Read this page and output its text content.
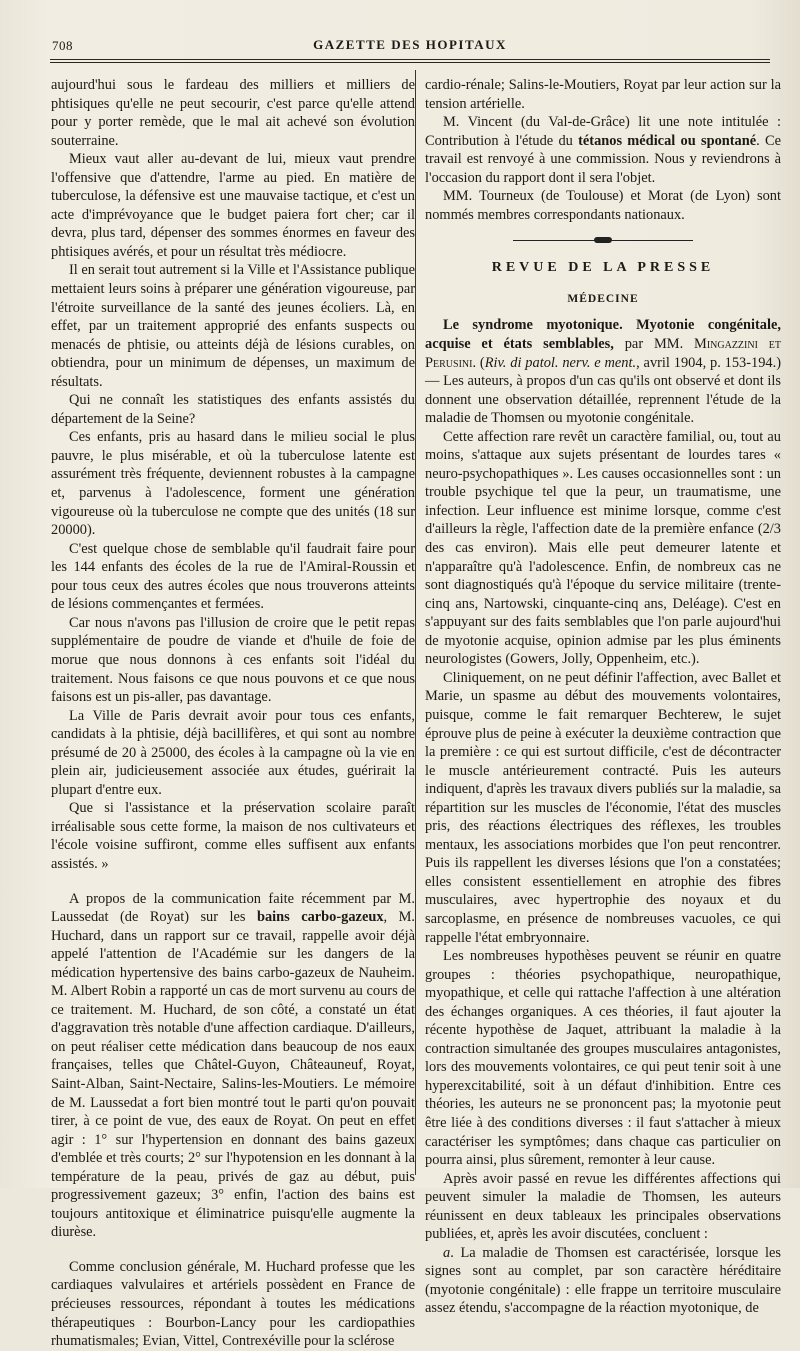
708	GAZETTE DES HOPITAUX

aujourd'hui sous le fardeau des milliers et milliers de phtisiques qu'elle ne peut secourir, c'est parce qu'elle attend pour y porter remède, que le mal ait achevé son évolution souterraine.

Mieux vaut aller au-devant de lui, mieux vaut prendre l'offensive que d'attendre, l'arme au pied. En matière de tuberculose, la défensive est une mauvaise tactique, et c'est un acte d'imprévoyance que le budget paiera fort cher; car il devra, plus tard, dépenser des sommes énormes en faveur des phtisiques avérés, et pour un résultat très médiocre.

Il en serait tout autrement si la Ville et l'Assistance publique mettaient leurs soins à préparer une génération vigoureuse, par l'étroite surveillance de la santé des jeunes écoliers. Là, en effet, par un traitement approprié des enfants suspects ou menacés de phtisie, ou atteints déjà de lésions curables, on obtiendra, pour un minimum de dépenses, un maximum de résultats.

Qui ne connaît les statistiques des enfants assistés du département de la Seine?

Ces enfants, pris au hasard dans le milieu social le plus pauvre, le plus misérable, et où la tuberculose latente est assurément très fréquente, deviennent robustes à la campagne et, parvenus à l'adolescence, forment une génération vigoureuse où la tuberculose ne compte que des unités (18 sur 20000).

C'est quelque chose de semblable qu'il faudrait faire pour les 144 enfants des écoles de la rue de l'Amiral-Roussin et pour tous ceux des autres écoles que nous trouverons atteints de lésions commençantes et fermées.

Car nous n'avons pas l'illusion de croire que le petit repas supplémentaire de poudre de viande et d'huile de foie de morue que nous donnons à ces enfants soit l'idéal du traitement. Nous faisons ce que nous pouvons et ce que nous faisons est un pis-aller, pas davantage.

La Ville de Paris devrait avoir pour tous ces enfants, candidats à la phtisie, déjà bacillifères, et qui sont au nombre présumé de 20 à 25000, des écoles à la campagne où la vie en plein air, judicieusement associée aux études, guérirait la plupart d'entre eux.

Que si l'assistance et la préservation scolaire paraît irréalisable sous cette forme, la maison de nos cultivateurs et l'école voisine suffiront, comme elles suffisent aux enfants assistés. »

A propos de la communication faite récemment par M. Laussedat (de Royat) sur les bains carbo-gazeux, M. Huchard, dans un rapport sur ce travail, rappelle avoir déjà appelé l'attention de l'Académie sur les dangers de la médication hypertensive des bains carbo-gazeux de Nauheim. M. Albert Robin a rapporté un cas de mort survenu au cours de ce traitement. M. Huchard, de son côté, a constaté un état d'aggravation très notable d'une affection cardiaque. D'ailleurs, on peut réaliser cette médication dans beaucoup de nos eaux françaises, telles que Châtel-Guyon, Châteauneuf, Royat, Saint-Alban, Saint-Nectaire, Salins-les-Moutiers. Le mémoire de M. Laussedat a fort bien montré tout le parti qu'on pouvait tirer, à ce point de vue, des eaux de Royat. On peut en effet agir : 1° sur l'hypertension en donnant des bains gazeux d'emblée et très courts; 2° sur l'hypotension en les donnant à la température de la peau, privés de gaz au début, puis progressivement gazeux; 3° enfin, l'action des bains est toujours antitoxique et éliminatrice puisqu'elle augmente la diurèse.

Comme conclusion générale, M. Huchard professe que les cardiaques valvulaires et artériels possèdent en France de précieuses ressources, répondant à toutes les médications thérapeutiques : Bourbon-Lancy pour les cardiopathies rhumatismales; Evian, Vittel, Contrexéville pour la sclérose

cardio-rénale; Salins-le-Moutiers, Royat par leur action sur la tension artérielle.

M. Vincent (du Val-de-Grâce) lit une note intitulée : Contribution à l'étude du tétanos médical ou spontané. Ce travail est renvoyé à une commission. Nous y reviendrons à l'occasion du rapport dont il sera l'objet.

MM. Tourneux (de Toulouse) et Morat (de Lyon) sont nommés membres correspondants nationaux.

REVUE DE LA PRESSE
MÉDECINE

Le syndrome myotonique. Myotonie congénitale, acquise et états semblables, par MM. Mingazzini et Perusini. (Riv. di patol. nerv. e ment., avril 1904, p. 153-194.) — Les auteurs, à propos d'un cas qu'ils ont observé et dont ils donnent une observation détaillée, reprennent l'étude de la maladie de Thomsen ou myotonie congénitale.

Cette affection rare revêt un caractère familial, ou, tout au moins, s'attaque aux sujets présentant de lourdes tares « neuro-psychopathiques ». Les causes occasionnelles sont : un trouble psychique tel que la peur, un traumatisme, une infection. Leur influence est minime lorsque, comme c'est d'ailleurs la règle, l'affection date de la première enfance (2/3 des cas environ). Mais elle peut demeurer latente et n'apparaître qu'à l'adolescence. Enfin, de nombreux cas ne sont diagnostiqués qu'à l'époque du service militaire (trente-cinq ans, Nartowski, cinquante-cinq ans, Deléage). C'est en s'appuyant sur des faits semblables que l'on parle aujourd'hui de myotonie acquise, opinion admise par les plus éminents neurologistes (Gowers, Jolly, Oppenheim, etc.).

Cliniquement, on ne peut définir l'affection, avec Ballet et Marie, un spasme au début des mouvements volontaires, puisque, comme le fait remarquer Bechterew, le sujet éprouve plus de peine à exécuter la deuxième contraction que la première : ce qui est surtout difficile, c'est de décontracter le muscle antérieurement contracté. Puis les auteurs indiquent, d'après les travaux divers publiés sur la maladie, sa répartition sur les muscles de l'économie, l'état des muscles pris, des réactions électriques des réflexes, les troubles mentaux, les associations morbides que l'on peut rencontrer. Puis ils rappellent les diverses lésions que l'on a constatées; elles consistent essentiellement en atrophie des fibres musculaires, avec hypertrophie des noyaux et du sarcoplasme, en présence de nombreuses vacuoles, ce qui rappelle l'état embryonnaire.

Les nombreuses hypothèses peuvent se réunir en quatre groupes : théories psychopathique, neuropathique, myopathique, et celle qui rattache l'affection à une altération des échanges organiques. A ces théories, il faut ajouter la récente hypothèse de Jaquet, attribuant la maladie à la contraction simultanée des groupes musculaires antagonistes, lors des mouvements volontaires, ce qui peut tenir soit à une hyperexcitabilité, soit à un défaut d'inhibition. Entre ces théories, les auteurs ne se prononcent pas; la myotonie peut être liée à des conditions diverses : il faut s'attacher à mieux caractériser les symptômes; dans chaque cas particulier on pourra ainsi, plus sûrement, remonter à leur cause.

Après avoir passé en revue les différentes affections qui peuvent simuler la maladie de Thomsen, les auteurs réunissent en deux tableaux les principales observations publiées, et, après les avoir discutées, concluent :

a. La maladie de Thomsen est caractérisée, lorsque les signes sont au complet, par son caractère héréditaire (myotonie congénitale) : elle frappe un territoire musculaire assez étendu, s'accompagne de la réaction myotonique, de
